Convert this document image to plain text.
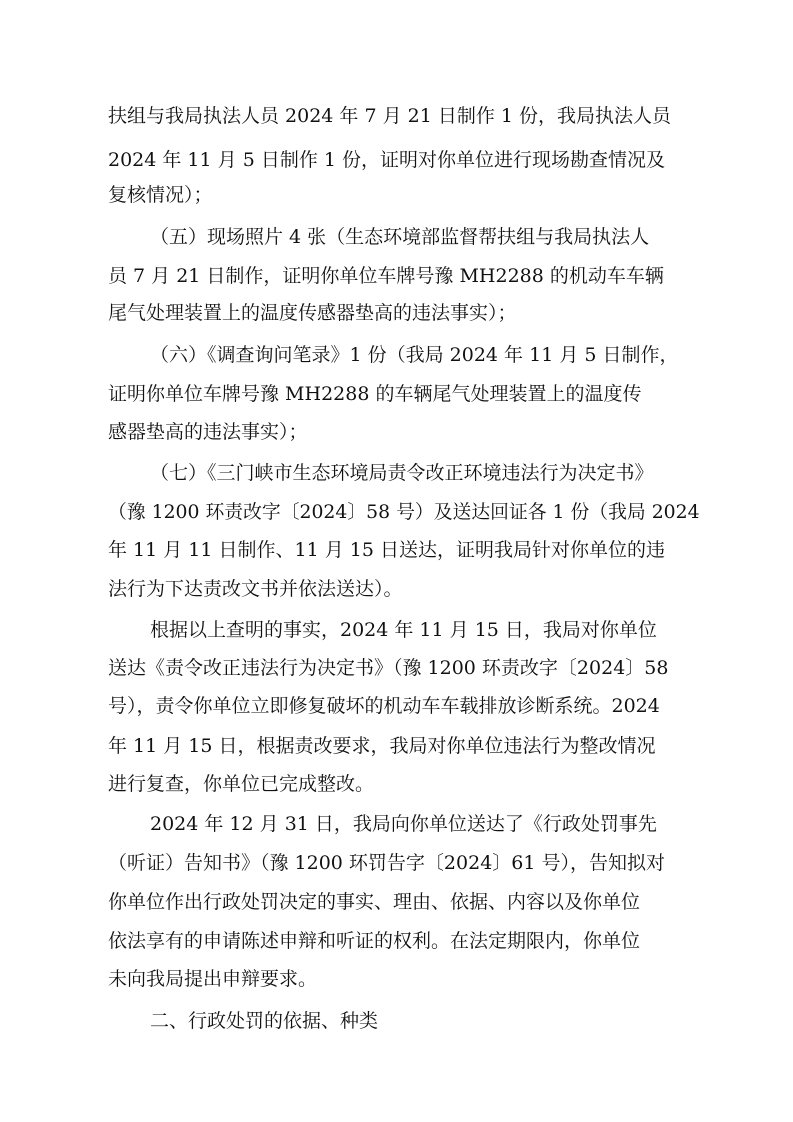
扶组与我局执法人员 2024 年 7 月 21 日制作 1 份，我局执法人员
2024 年 11 月 5 日制作 1 份，证明对你单位进行现场勘查情况及
复核情况）；
（五）现场照片 4 张（生态环境部监督帮扶组与我局执法人
员 7 月 21 日制作，证明你单位车牌号豫 MH2288 的机动车车辆
尾气处理装置上的温度传感器垫高的违法事实）；
（六）《调查询问笔录》1 份（我局 2024 年 11 月 5 日制作，
证明你单位车牌号豫 MH2288 的车辆尾气处理装置上的温度传
感器垫高的违法事实）；
（七）《三门峡市生态环境局责令改正环境违法行为决定书》
（豫 1200 环责改字〔2024〕58 号）及送达回证各 1 份（我局 2024
年 11 月 11 日制作、11 月 15 日送达，证明我局针对你单位的违
法行为下达责改文书并依法送达）。
根据以上查明的事实，2024 年 11 月 15 日，我局对你单位
送达《责令改正违法行为决定书》（豫 1200 环责改字〔2024〕58
号），责令你单位立即修复破坏的机动车车载排放诊断系统。2024
年 11 月 15 日，根据责改要求，我局对你单位违法行为整改情况
进行复查，你单位已完成整改。
2024 年 12 月 31 日，我局向你单位送达了《行政处罚事先
（听证）告知书》（豫 1200 环罚告字〔2024〕61 号），告知拟对
你单位作出行政处罚决定的事实、理由、依据、内容以及你单位
依法享有的申请陈述申辩和听证的权利。在法定期限内，你单位
未向我局提出申辩要求。
二、行政处罚的依据、种类
